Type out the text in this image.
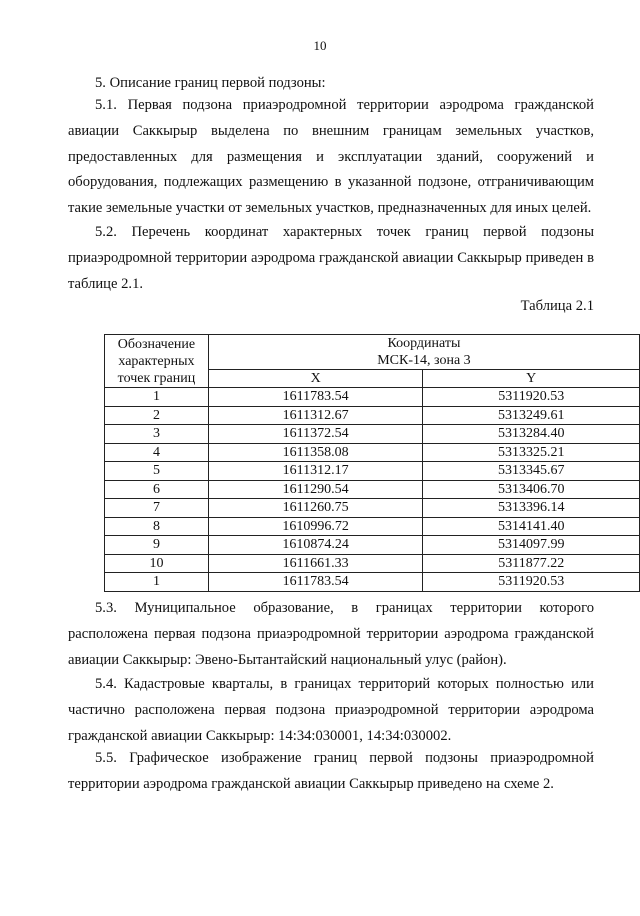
10
5. Описание границ первой подзоны:

5.1. Первая подзона приаэродромной территории аэродрома гражданской авиации Саккырыр выделена по внешним границам земельных участков, предоставленных для размещения и эксплуатации зданий, сооружений и оборудования, подлежащих размещению в указанной подзоне, отграничивающим такие земельные участки от земельных участков, предназначенных для иных целей.

5.2. Перечень координат характерных точек границ первой подзоны приаэродромной территории аэродрома гражданской авиации Саккырыр приведен в таблице 2.1.

Таблица 2.1
Обозначение характерных точек границ	Координаты
МСК-14, зона 3	

	X	Y
1	1611783.54	5311920.53
2	1611312.67	5313249.61
3	1611372.54	5313284.40
4	1611358.08	5313325.21
5	1611312.17	5313345.67
6	1611290.54	5313406.70
7	1611260.75	5313396.14
8	1610996.72	5314141.40
9	1610874.24	5314097.99
10	1611661.33	5311877.22
1	1611783.54	5311920.53

5.3. Муниципальное образование, в границах территории которого расположена первая подзона приаэродромной территории аэродрома гражданской авиации Саккырыр: Эвено-Бытантайский национальный улус (район).

5.4. Кадастровые кварталы, в границах территорий которых полностью или частично расположена первая подзона приаэродромной территории аэродрома гражданской авиации Саккырыр: 14:34:030001, 14:34:030002.

5.5. Графическое изображение границ первой подзоны приаэродромной территории аэродрома гражданской авиации Саккырыр приведено на схеме 2.
